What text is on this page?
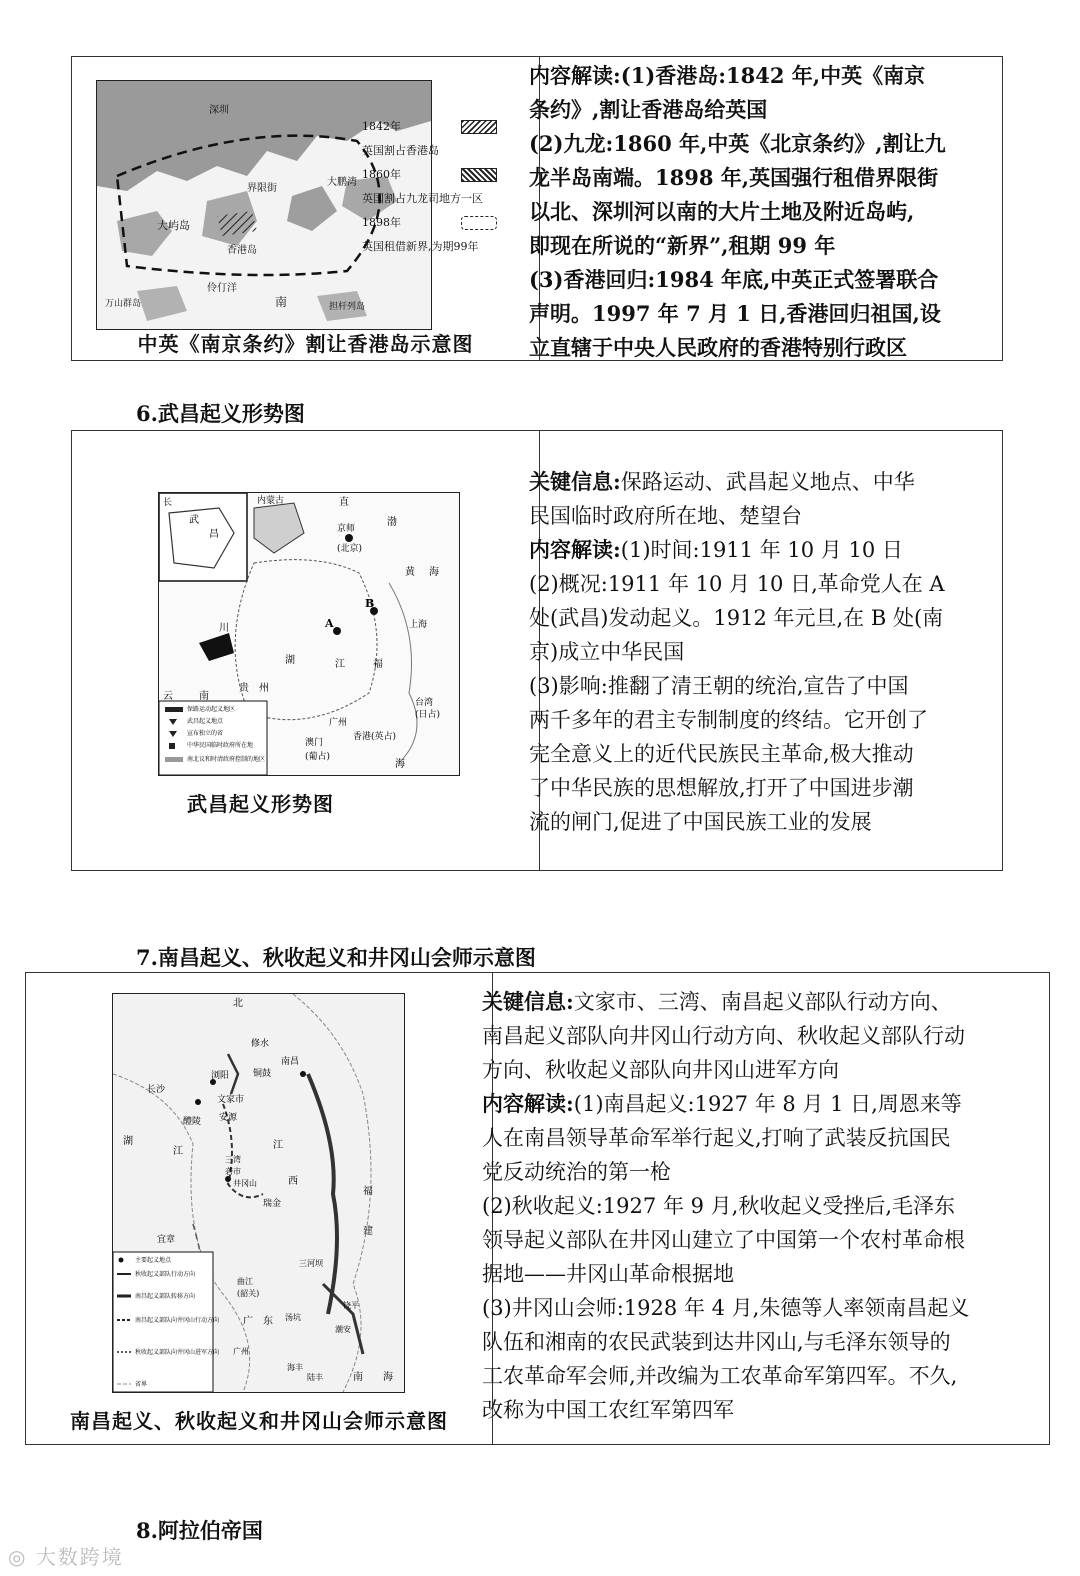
深圳
大屿岛
香港岛
界限街
伶仃洋
大鹏湾
南
万山群岛	担杆列岛
1842年
英国割占香港岛
1860年
英国割占九龙司地方一区
1898年
英国租借新界,为期99年
中英《南京条约》割让香港岛示意图

内容解读:(1)香港岛:1842 年,中英《南京

条约》,割让香港岛给英国

(2)九龙:1860 年,中英《北京条约》,割让九

龙半岛南端。1898 年,英国强行租借界限街

以北、深圳河以南的大片土地及附近岛屿,

即现在所说的“新界”,租期 99 年

(3)香港回归:1984 年底,中英正式签署联合

声明。1997 年 7 月 1 日,香港回归祖国,设

立直辖于中央人民政府的香港特别行政区

6.武昌起义形势图
长
武
昌
内蒙古	直
京师
(北京)
渤
黄 海
B
A	上海
川
湖	江	福
贵 州
云	南
广州
澳门
(葡占)
香港(英占)
台湾
(日占)
海
保路运动起义地区
武昌起义地点
宣布独立的省
中华民国临时政府所在地
南北议和时清政府控制的地区
武昌起义形势图

关键信息:保路运动、武昌起义地点、中华

民国临时政府所在地、楚望台

内容解读:(1)时间:1911 年 10 月 10 日

(2)概况:1911 年 10 月 10 日,革命党人在 A

处(武昌)发动起义。1912 年元旦,在 B 处(南

京)成立中华民国

(3)影响:推翻了清王朝的统治,宣告了中国

两千多年的君主专制制度的终结。它开创了

完全意义上的近代民族民主革命,极大推动

了中华民族的思想解放,打开了中国进步潮

流的闸门,促进了中国民族工业的发展

7.南昌起义、秋收起义和井冈山会师示意图
北
修水
铜鼓
南昌
长沙
浏阳
文家市
安源
醴陵
三湾
砻市
井冈山
瑞金
宜章
曲江
(韶关)
三河坝
汤坑
饶平
潮安
广州
海丰
陆丰
湖
江
江
西
福
建
广 东
南 海
主要起义地点
秋收起义部队行动方向
南昌起义部队转移方向
南昌起义部队向井冈山行动方向
秋收起义部队向井冈山进军方向
省界
南昌起义、秋收起义和井冈山会师示意图

关键信息:文家市、三湾、南昌起义部队行动方向、

南昌起义部队向井冈山行动方向、秋收起义部队行动

方向、秋收起义部队向井冈山进军方向

内容解读:(1)南昌起义:1927 年 8 月 1 日,周恩来等

人在南昌领导革命军举行起义,打响了武装反抗国民

党反动统治的第一枪

(2)秋收起义:1927 年 9 月,秋收起义受挫后,毛泽东

领导起义部队在井冈山建立了中国第一个农村革命根

据地——井冈山革命根据地

(3)井冈山会师:1928 年 4 月,朱德等人率领南昌起义

队伍和湘南的农民武装到达井冈山,与毛泽东领导的

工农革命军会师,并改编为工农革命军第四军。不久,

改称为中国工农红军第四军

8.阿拉伯帝国
◎ 大数跨境
